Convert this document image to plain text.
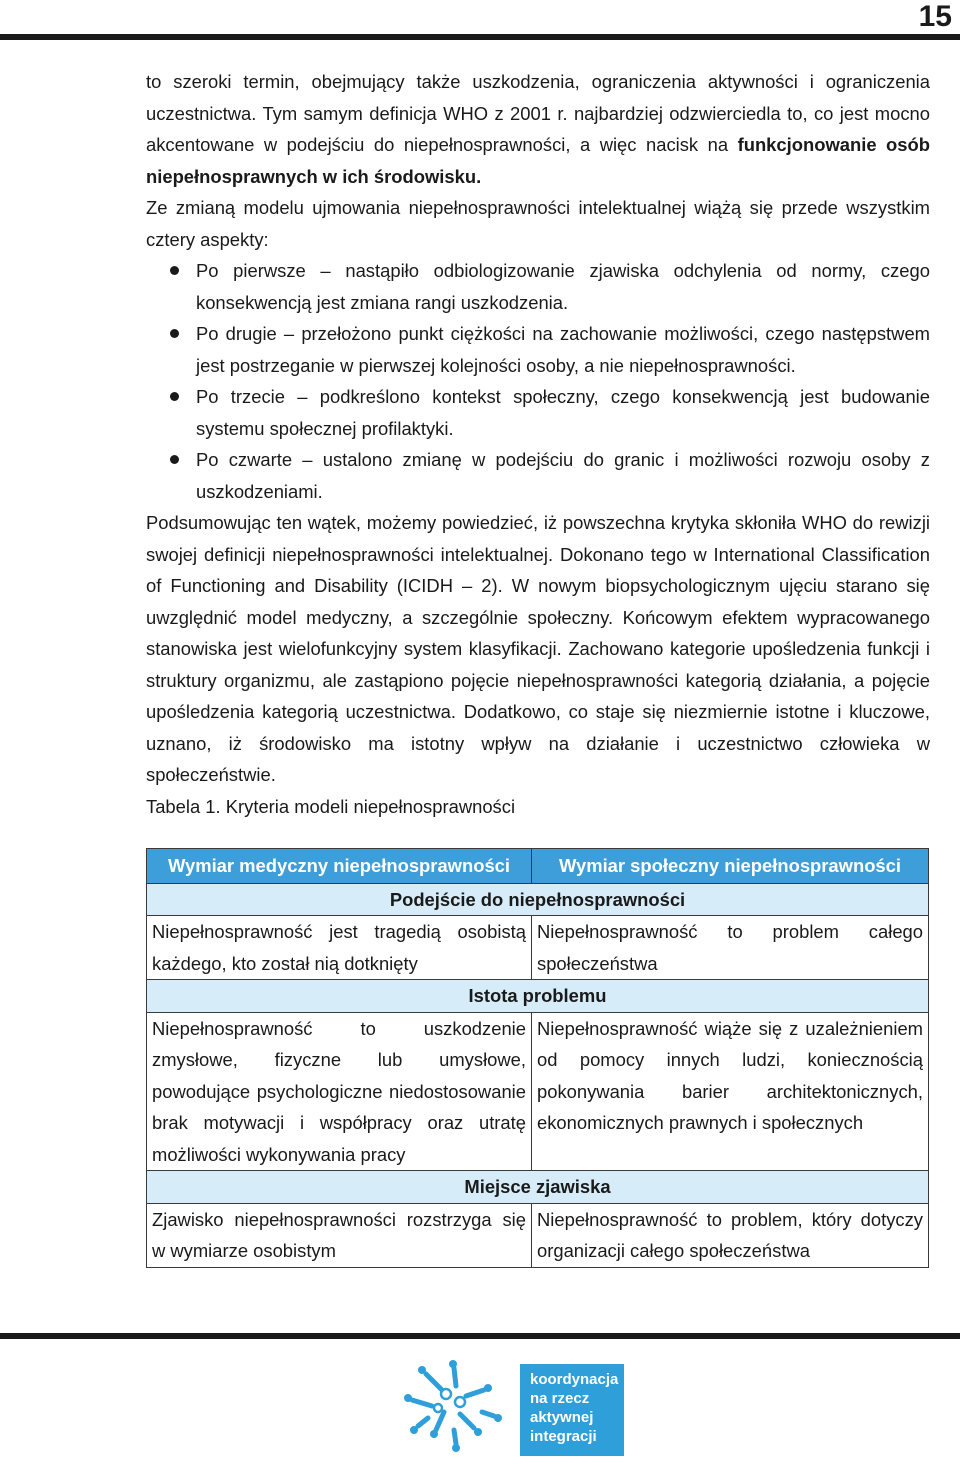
15

to szeroki termin, obejmujący także uszkodzenia, ograniczenia aktywności i ograniczenia uczestnictwa. Tym samym definicja WHO z 2001 r. najbardziej odzwierciedla to, co jest mocno akcentowane w podejściu do niepełnosprawności, a więc nacisk na funkcjonowanie osób niepełnosprawnych w ich środowisku.

Ze zmianą modelu ujmowania niepełnosprawności intelektualnej wiążą się przede wszystkim cztery aspekty:

Po pierwsze – nastąpiło odbiologizowanie zjawiska odchylenia od normy, czego konsekwencją jest zmiana rangi uszkodzenia.
Po drugie – przełożono punkt ciężkości na zachowanie możliwości, czego następstwem jest postrzeganie w pierwszej kolejności osoby, a nie niepełnosprawności.
Po trzecie – podkreślono kontekst społeczny, czego konsekwencją jest budowanie systemu społecznej profilaktyki.
Po czwarte – ustalono zmianę w podejściu do granic i możliwości rozwoju osoby z uszkodzeniami.

Podsumowując ten wątek, możemy powiedzieć, iż powszechna krytyka skłoniła WHO do rewizji swojej definicji niepełnosprawności intelektualnej. Dokonano tego w International Classification of Functioning and Disability (ICIDH – 2). W nowym biopsychologicznym ujęciu starano się uwzględnić model medyczny, a szczególnie społeczny. Końcowym efektem wypracowanego stanowiska jest wielofunkcyjny system klasyfikacji. Zachowano kategorie upośledzenia funkcji i struktury organizmu, ale zastąpiono pojęcie niepełnosprawności kategorią działania, a pojęcie upośledzenia kategorią uczestnictwa. Dodatkowo, co staje się niezmiernie istotne i kluczowe, uznano, iż środowisko ma istotny wpływ na działanie i uczestnictwo człowieka w społeczeństwie.

Tabela 1. Kryteria modeli niepełnosprawności

Wymiar medyczny niepełnosprawności	Wymiar społeczny niepełnosprawności
Podejście do niepełnosprawności	
Niepełnosprawność jest tragedią osobistą każdego, kto został nią dotknięty	Niepełnosprawność to problem całego społeczeństwa
Istota problemu	
Niepełnosprawność to uszkodzenie zmysłowe, fizyczne lub umysłowe, powodujące psychologiczne niedostosowanie brak motywacji i współpracy oraz utratę możliwości wykonywania pracy	Niepełnosprawność wiąże się z uzależnieniem od pomocy innych ludzi, koniecznością pokonywania barier architektonicznych, ekonomicznych prawnych i społecznych
Miejsce zjawiska	
Zjawisko niepełnosprawności rozstrzyga się w wymiarze osobistym	Niepełnosprawność to problem, który dotyczy organizacji całego społeczeństwa
koordynacja
na rzecz
aktywnej
integracji
